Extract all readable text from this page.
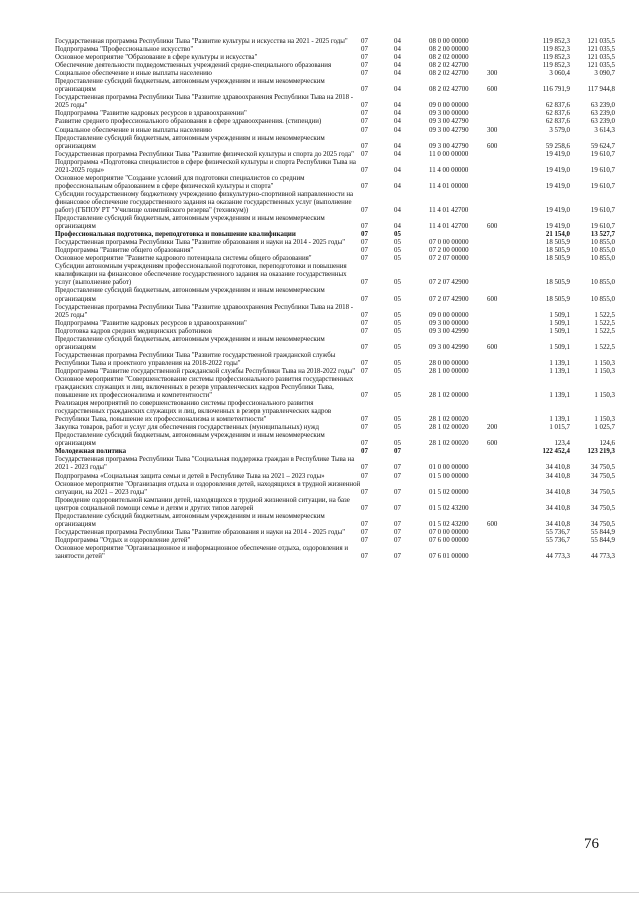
Государственная программа Республики Тыва "Развитие культуры и искусства на 2021 - 2025 годы"	07	04	08 0 00 00000		119 852,3	121 035,5
Подпрограмма "Профессиональное искусство"	07	04	08 2 00 00000		119 852,3	121 035,5
Основное мероприятие "Образование в сфере культуры и искусства"	07	04	08 2 02 00000		119 852,3	121 035,5
Обеспечение деятельности подведомственных учреждений средне-специального образования	07	04	08 2 02 42700		119 852,3	121 035,5
Социальное обеспечение и иные выплаты населению	07	04	08 2 02 42700	300	3 060,4	3 090,7
Предоставление субсидий бюджетным, автономным учреждениям и иным некоммерческим организациям	07	04	08 2 02 42700	600	116 791,9	117 944,8
Государственная программа Республики Тыва "Развитие здравоохранения Республики Тыва на 2018 - 2025 годы"	07	04	09 0 00 00000		62 837,6	63 239,0
Подпрограмма "Развитие кадровых ресурсов в здравоохранении"	07	04	09 3 00 00000		62 837,6	63 239,0
Развитие среднего профессионального образования в сфере здравоохранения. (стипендии)	07	04	09 3 00 42790		62 837,6	63 239,0
Социальное обеспечение и иные выплаты населению	07	04	09 3 00 42790	300	3 579,0	3 614,3
Предоставление субсидий бюджетным, автономным учреждениям и иным некоммерческим организациям	07	04	09 3 00 42790	600	59 258,6	59 624,7
Государственная программа Республики Тыва "Развитие физической культуры и спорта до 2025 года"	07	04	11 0 00 00000		19 419,0	19 610,7
Подпрограмма «Подготовка специалистов в сфере физической культуры и спорта Республики Тыва на 2021-2025 годы»	07	04	11 4 00 00000		19 419,0	19 610,7
Основное мероприятие "Создание условий для подготовки специалистов со средним профессиональным образованием в сфере физической культуры и спорта"	07	04	11 4 01 00000		19 419,0	19 610,7
Субсидии государственному бюджетному учреждению физкультурно-спортивной направленности на финансовое обеспечение государственного задания на оказание государственных услуг (выполнение работ) (ГБПОУ РТ "Училище олимпийского резерва" (техникум))	07	04	11 4 01 42700		19 419,0	19 610,7
Предоставление субсидий бюджетным, автономным учреждениям и иным некоммерческим организациям	07	04	11 4 01 42700	600	19 419,0	19 610,7
Профессиональная подготовка, переподготовка и повышение квалификации	07	05			21 154,0	13 527,7
Государственная программа Республики Тыва "Развитие образования и науки на 2014 - 2025 годы"	07	05	07 0 00 00000		18 505,9	10 855,0
Подпрограмма "Развитие общего образования"	07	05	07 2 00 00000		18 505,9	10 855,0
Основное мероприятие "Развитие кадрового потенциала системы общего образования"	07	05	07 2 07 00000		18 505,9	10 855,0
Субсидии автономным учреждениям профессиональной подготовки, переподготовки и повышения квалификации на финансовое обеспечение государственного задания на оказание государственных услуг (выполнение работ)	07	05	07 2 07 42900		18 505,9	10 855,0
Предоставление субсидий бюджетным, автономным учреждениям и иным некоммерческим организациям	07	05	07 2 07 42900	600	18 505,9	10 855,0
Государственная программа Республики Тыва "Развитие здравоохранения Республики Тыва на 2018 - 2025 годы"	07	05	09 0 00 00000		1 509,1	1 522,5
Подпрограмма "Развитие кадровых ресурсов в здравоохранении"	07	05	09 3 00 00000		1 509,1	1 522,5
Подготовка кадров средних медицинских работников	07	05	09 3 00 42990		1 509,1	1 522,5
Предоставление субсидий бюджетным, автономным учреждениям и иным некоммерческим организациям	07	05	09 3 00 42990	600	1 509,1	1 522,5
Государственная программа Республики Тыва "Развитие государственной гражданской службы Республики Тыва и проектного управления на 2018-2022 годы"	07	05	28 0 00 00000		1 139,1	1 150,3
Подпрограмма "Развитие государственной гражданской службы Республики Тыва на 2018-2022 годы"	07	05	28 1 00 00000		1 139,1	1 150,3
Основное мероприятие "Совершенствование системы профессионального развития государственных гражданских служащих и лиц, включенных в резерв управленческих кадров Республики Тыва, повышение их профессионализма и компетентности"	07	05	28 1 02 00000		1 139,1	1 150,3
Реализация мероприятий по совершенствованию системы профессионального развития государственных гражданских служащих и лиц, включенных в резерв управленческих кадров Республики Тыва, повышение их профессионализма и компетентности"	07	05	28 1 02 00020		1 139,1	1 150,3
Закупка товаров, работ и услуг для обеспечения государственных (муниципальных) нужд	07	05	28 1 02 00020	200	1 015,7	1 025,7
Предоставление субсидий бюджетным, автономным учреждениям и иным некоммерческим организациям	07	05	28 1 02 00020	600	123,4	124,6
Молодежная политика	07	07			122 452,4	123 219,3
Государственная программа Республики Тыва "Социальная поддержка граждан в Республике Тыва на 2021 - 2023 годы"	07	07	01 0 00 00000		34 410,8	34 750,5
Подпрограмма «Социальная защита семьи и детей в Республике Тыва на 2021 – 2023 годы»	07	07	01 5 00 00000		34 410,8	34 750,5
Основное мероприятие "Организация отдыха и оздоровления детей, находящихся в трудной жизненной ситуации, на 2021 – 2023 годы"	07	07	01 5 02 00000		34 410,8	34 750,5
Проведение оздоровительной кампании детей, находящихся в трудной жизненной ситуации, на базе центров социальной помощи семье и детям и других типов лагерей	07	07	01 5 02 43200		34 410,8	34 750,5
Предоставление субсидий бюджетным, автономным учреждениям и иным некоммерческим организациям	07	07	01 5 02 43200	600	34 410,8	34 750,5
Государственная программа Республики Тыва "Развитие образования и науки на 2014 - 2025 годы"	07	07	07 0 00 00000		55 736,7	55 844,9
Подпрограмма "Отдых и оздоровление детей"	07	07	07 6 00 00000		55 736,7	55 844,9
Основное мероприятие "Организационное и информационное обеспечение отдыха, оздоровления и занятости детей"	07	07	07 6 01 00000		44 773,3	44 773,3
76
